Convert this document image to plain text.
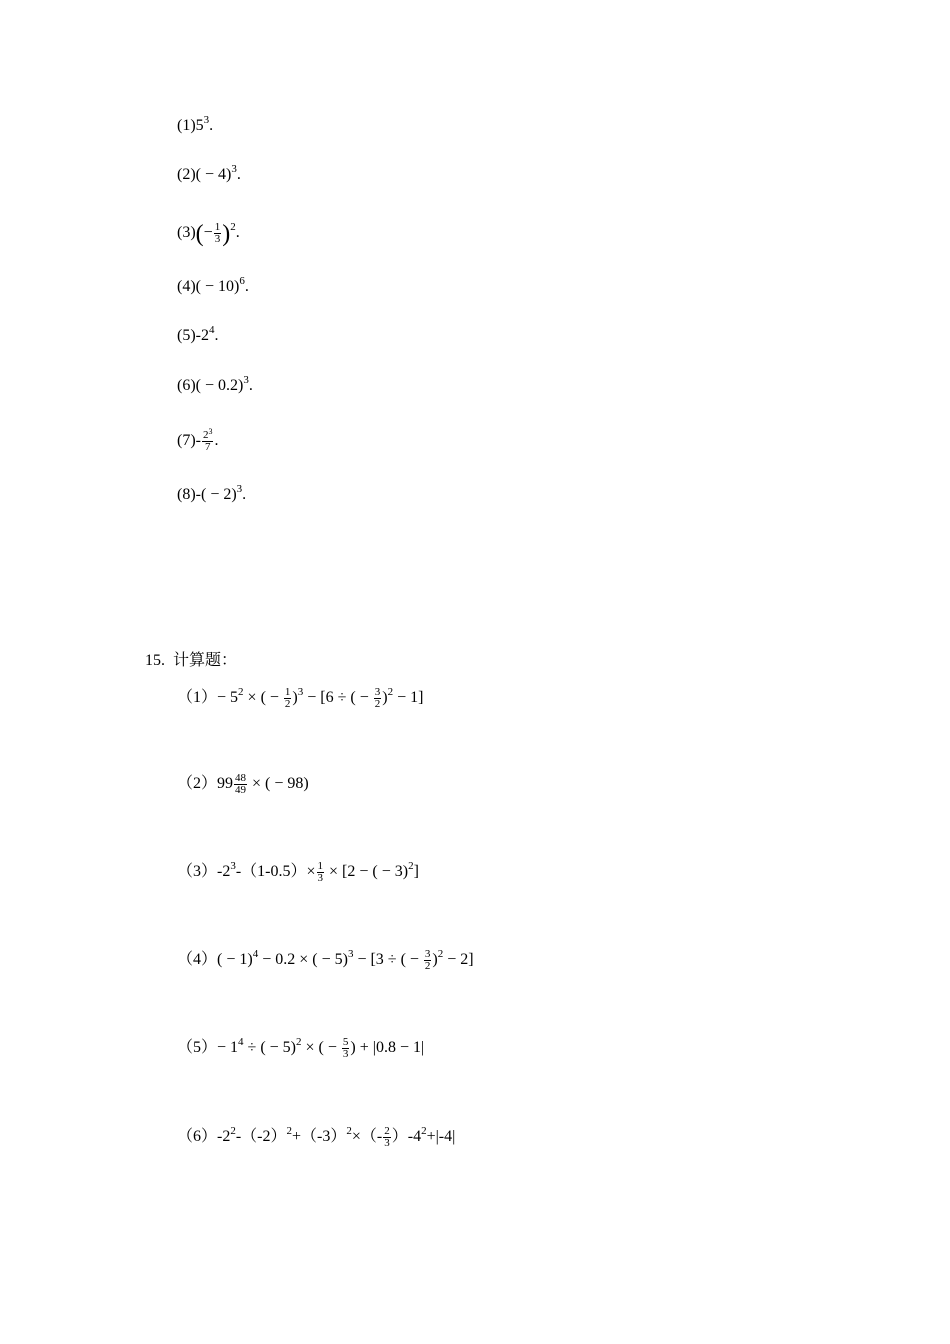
$(1)5^3$.
$(2)( - 4)^3$.
$(3)(- \frac{1}{3} )^2$.
$(4)( - 10)^6$.
$(5)-2^4$.
$(6)( - 0.2)^3$.
$(7)- \frac{2^3}{7}$ .
$(8)-( - 2)^3$.
15. 计算题：
$(1)- 5^2$ × ( − $\frac{1}{2} )^3 - [6$ ÷ ( − $\frac{3}{2} )^2 - 1$]
$(2)99 \frac{48}{49}$ × ( − 98)
$(3)-2^3-(1-0.5)\times \frac{1}{3} \times [2$ − ( − 3)$^2$]
$(4)( - 1)^4 - 0.2$ × ( − 5)$^3$ − [3 ÷ ( − $\frac{3}{2} )^2 - 2$]
$(5)- 1^4$ ÷ ( − 5)$^2$ × ( − $\frac{5}{3}$ ) + |0.8 − 1|
$(6)-2^2-(-2)^2+(-3)^2\times(- \frac{2}{3} )-4^2+|-4|$
